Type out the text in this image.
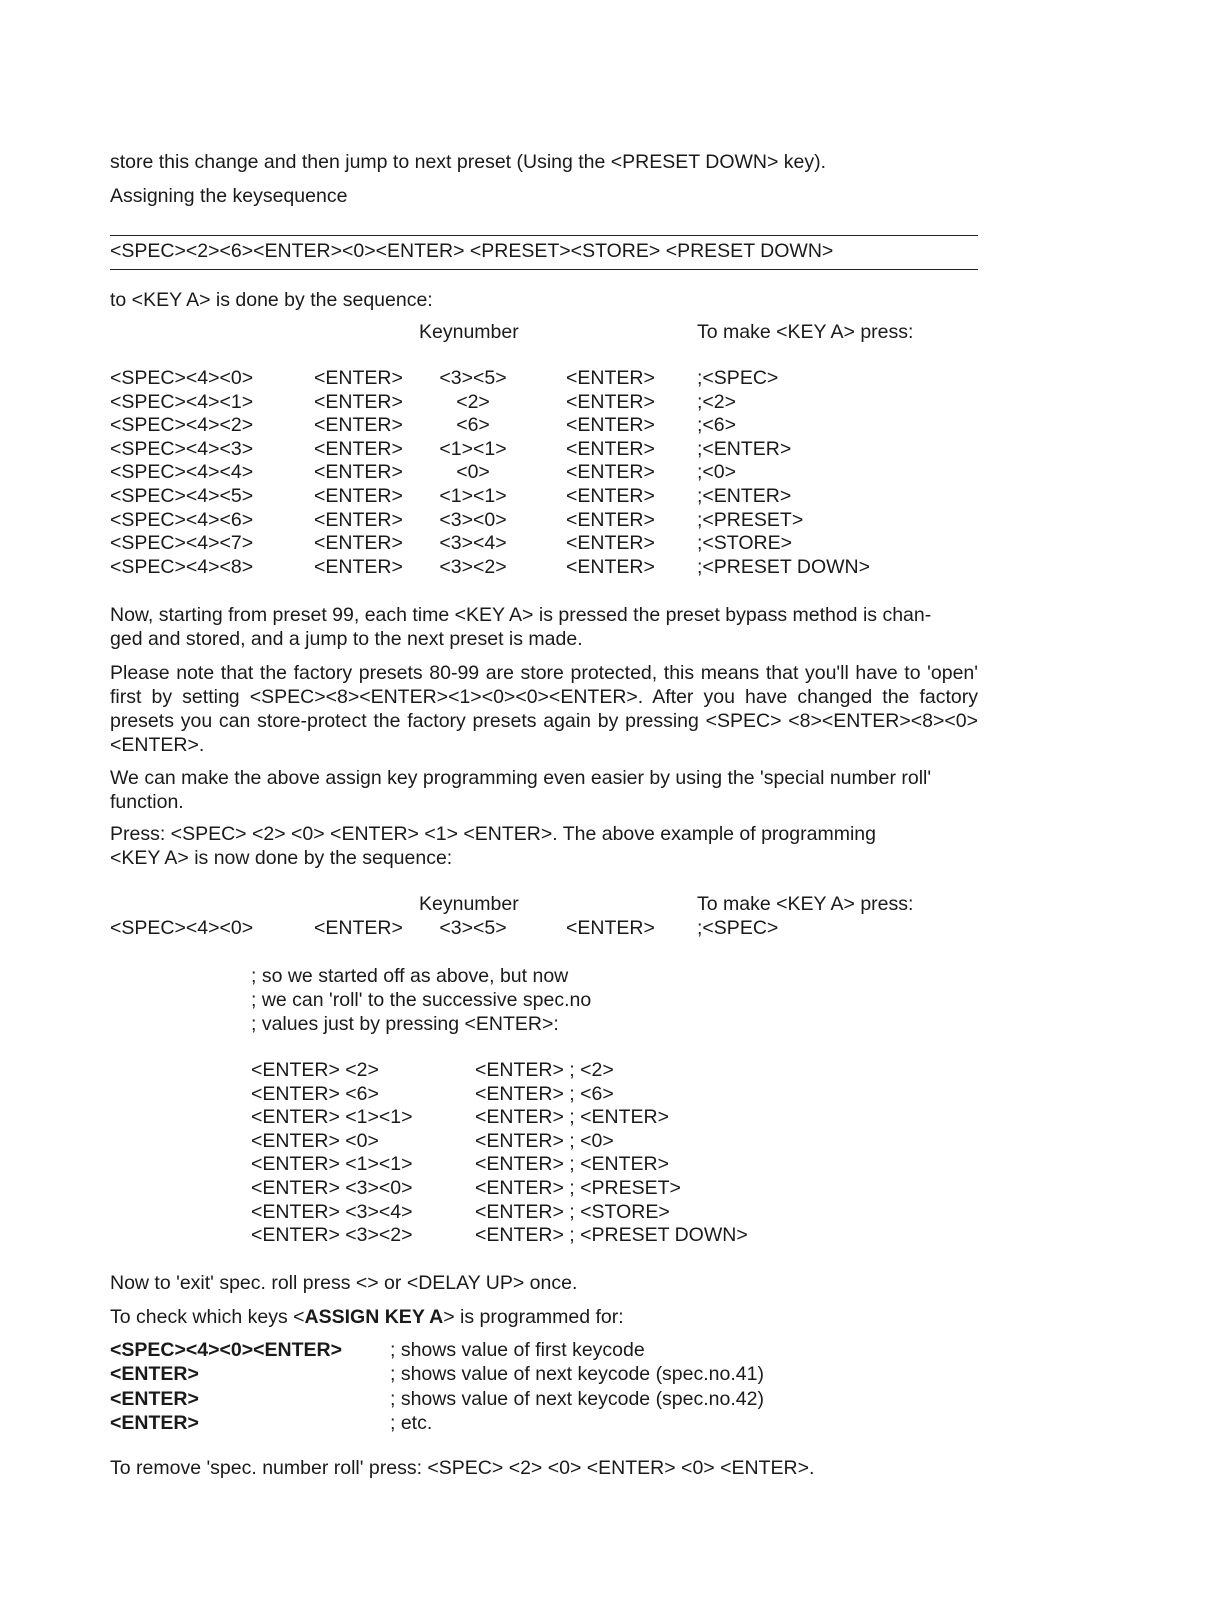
store this change and then jump to next preset (Using the <PRESET DOWN> key).
Assigning the keysequence
<SPEC><2><6><ENTER><0><ENTER> <PRESET><STORE> <PRESET DOWN>
to <KEY A> is done by the sequence:
Keynumber	To make <KEY A> press:
<SPEC><4><0>	<ENTER>	<3><5>	<ENTER> ;<SPEC>
<SPEC><4><1>	<ENTER>	<2>	<ENTER> ;<2>
<SPEC><4><2>	<ENTER>	<6>	<ENTER> ;<6>
<SPEC><4><3>	<ENTER>	<1><1>	<ENTER> ;<ENTER>
<SPEC><4><4>	<ENTER>	<0>	<ENTER> ;<0>
<SPEC><4><5>	<ENTER>	<1><1>	<ENTER> ;<ENTER>
<SPEC><4><6>	<ENTER>	<3><0>	<ENTER> ;<PRESET>
<SPEC><4><7>	<ENTER>	<3><4>	<ENTER> ;<STORE>
<SPEC><4><8>	<ENTER>	<3><2>	<ENTER> ;<PRESET DOWN>
Now, starting from preset 99, each time <KEY A> is pressed the preset bypass method is chan-
ged and stored, and a jump to the next preset is made.
Please note that the factory presets 80-99 are store protected, this means that you'll have to 'open' first by setting <SPEC><8><ENTER><1><0><0><ENTER>. After you have changed the factory presets you can store-protect the factory presets again by pressing <SPEC> <8><ENTER><8><0><ENTER>.
We can make the above assign key programming even easier by using the 'special number roll'
function.
Press: <SPEC> <2> <0> <ENTER> <1> <ENTER>. The above example of programming
<KEY A> is now done by the sequence:
Keynumber	To make <KEY A> press:
<SPEC><4><0>	<ENTER>	<3><5>	<ENTER> ;<SPEC>
; so we started off as above, but now
; we can 'roll' to the successive spec.no
; values just by pressing <ENTER>:
<ENTER> <2>	<ENTER> ; <2>
<ENTER> <6>	<ENTER> ; <6>
<ENTER> <1><1>	<ENTER> ; <ENTER>
<ENTER> <0>	<ENTER> ; <0>
<ENTER> <1><1>	<ENTER> ; <ENTER>
<ENTER> <3><0>	<ENTER> ; <PRESET>
<ENTER> <3><4>	<ENTER> ; <STORE>
<ENTER> <3><2>	<ENTER> ; <PRESET DOWN>
Now to 'exit' spec. roll press <> or <DELAY UP> once.
To check which keys <ASSIGN KEY A> is programmed for:
<SPEC><4><0><ENTER> ; shows value of first keycode
<ENTER>	; shows value of next keycode (spec.no.41)
<ENTER>	; shows value of next keycode (spec.no.42)
<ENTER>	; etc.
To remove 'spec. number roll' press: <SPEC> <2> <0> <ENTER> <0> <ENTER>.
